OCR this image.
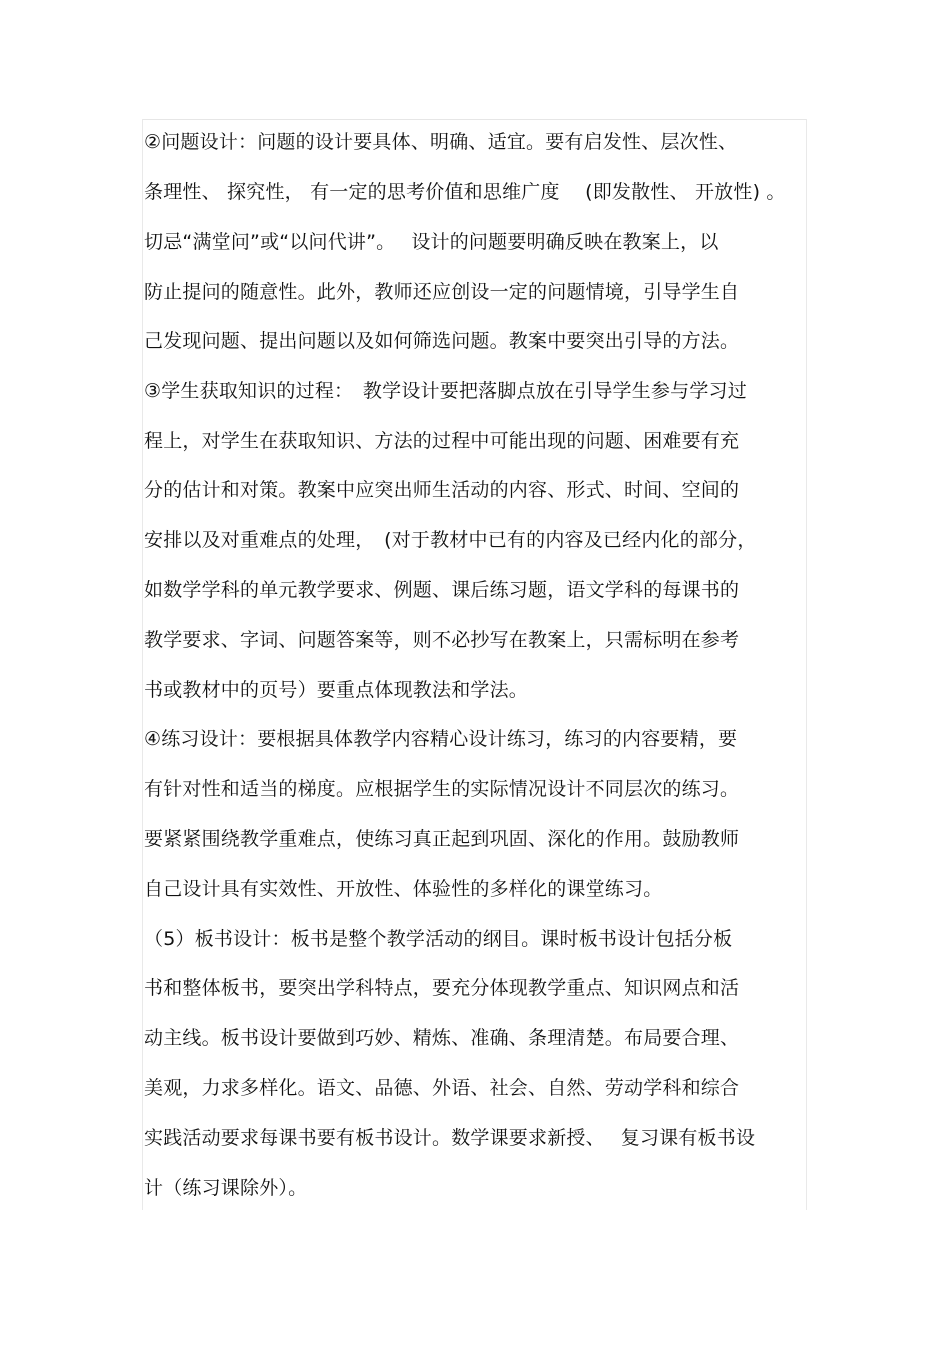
②问题设计：问题的设计要具体、明确、适宜。要有启发性、层次性、
条理性、 探究性， 有一定的思考价值和思维广度　 (即发散性、 开放性) 。
切忌“满堂问”或“以问代讲”。　 设计的问题要明确反映在教案上，以
防止提问的随意性。此外，教师还应创设一定的问题情境，引导学生自
己发现问题、提出问题以及如何筛选问题。教案中要突出引导的方法。
③学生获取知识的过程：　教学设计要把落脚点放在引导学生参与学习过
程上，对学生在获取知识、方法的过程中可能出现的问题、困难要有充
分的估计和对策。教案中应突出师生活动的内容、形式、时间、空间的
安排以及对重难点的处理，　(对于教材中已有的内容及已经内化的部分，
如数学学科的单元教学要求、例题、课后练习题，语文学科的每课书的
教学要求、字词、问题答案等，则不必抄写在教案上，只需标明在参考
书或教材中的页号）要重点体现教法和学法。
④练习设计：要根据具体教学内容精心设计练习，练习的内容要精，要
有针对性和适当的梯度。应根据学生的实际情况设计不同层次的练习。
要紧紧围绕教学重难点，使练习真正起到巩固、深化的作用。鼓励教师
自己设计具有实效性、开放性、体验性的多样化的课堂练习。
（5）板书设计：板书是整个教学活动的纲目。课时板书设计包括分板
书和整体板书，要突出学科特点，要充分体现教学重点、知识网点和活
动主线。板书设计要做到巧妙、精炼、准确、条理清楚。布局要合理、
美观，力求多样化。语文、品德、外语、社会、自然、劳动学科和综合
实践活动要求每课书要有板书设计。数学课要求新授、　 复习课有板书设
计（练习课除外）。
